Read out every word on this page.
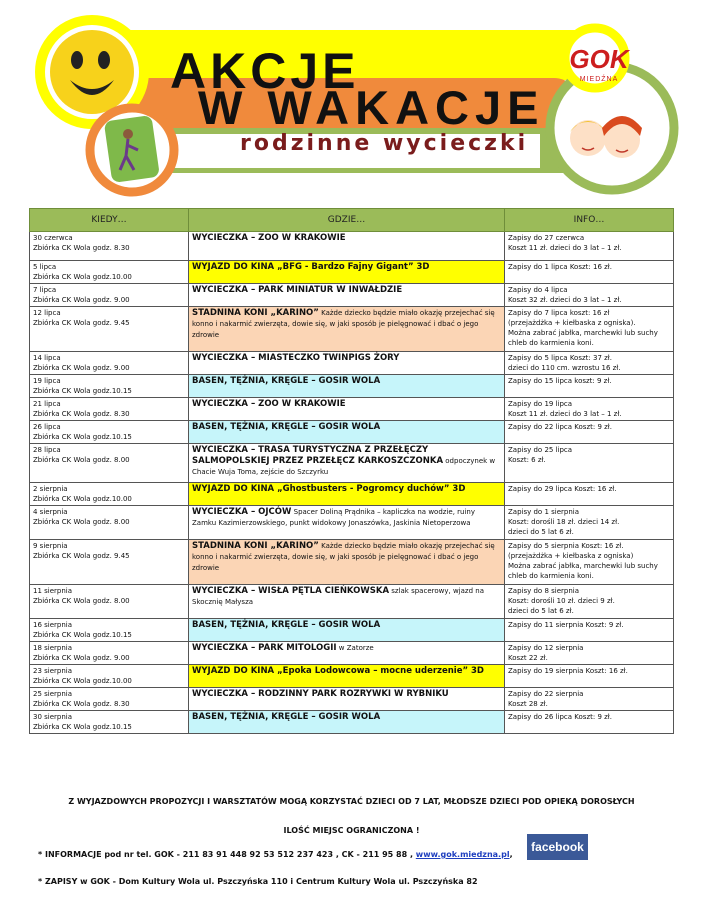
AKCJE
W WAKACJE
rodzinne wycieczki
GOK
MIEDŹNA
KIEDY…	GDZIE…	INFO…

30 czerwca
Zbiórka CK Wola godz. 8.30	WYCIECZKA – ZOO W KRAKOWIE	Zapisy do 27 czerwca
Koszt 11 zł. dzieci do 3 lat – 1 zł.

5 lipca
Zbiórka CK Wola godz.10.00	WYJAZD DO KINA „BFG - Bardzo Fajny Gigant” 3D	Zapisy do 1 lipca Koszt: 16 zł.

7 lipca
Zbiórka CK Wola godz. 9.00	WYCIECZKA – PARK MINIATUR W INWAŁDZIE	Zapisy do 4 lipca
Koszt 32 zł. dzieci do 3 lat – 1 zł.

12 lipca
Zbiórka CK Wola godz. 9.45	STADNINA KONI „KARINO” Każde dziecko będzie miało okazję przejechać się konno i nakarmić zwierzęta, dowie się, w jaki sposób je pielęgnować i dbać o jego zdrowie	Zapisy do 7 lipca koszt: 16 zł
(przejażdżka + kiełbaska z ogniska).
Można zabrać jabłka, marchewki lub suchy chleb do karmienia koni.

14 lipca
Zbiórka CK Wola godz. 9.00	WYCIECZKA – MIASTECZKO TWINPIGS ŻORY	Zapisy do 5 lipca Koszt: 37 zł.
dzieci do 110 cm. wzrostu 16 zł.

19 lipca
Zbiórka CK Wola godz.10.15	BASEN, TĘŻNIA, KRĘGLE – GOSIR WOLA	Zapisy do 15 lipca koszt: 9 zł.

21 lipca
Zbiórka CK Wola godz. 8.30	WYCIECZKA – ZOO W KRAKOWIE	Zapisy do 19 lipca
Koszt 11 zł. dzieci do 3 lat – 1 zł.

26 lipca
Zbiórka CK Wola godz.10.15	BASEN, TĘŻNIA, KRĘGLE – GOSIR WOLA	Zapisy do 22 lipca Koszt: 9 zł.

28 lipca
Zbiórka CK Wola godz. 8.00	WYCIECZKA – TRASA TURYSTYCZNA Z PRZEŁĘCZY SALMOPOLSKIEJ PRZEZ PRZEŁĘCZ KARKOSZCZONKA odpoczynek w Chacie Wuja Toma, zejście do Szczyrku	Zapisy do 25 lipca
Koszt: 6 zł.

2 sierpnia
Zbiórka CK Wola godz.10.00	WYJAZD DO KINA „Ghostbusters - Pogromcy duchów” 3D	Zapisy do 29 lipca Koszt: 16 zł.

4 sierpnia
Zbiórka CK Wola godz. 8.00	WYCIECZKA – OJCÓW Spacer Doliną Prądnika – kapliczka na wodzie, ruiny Zamku Kazimierzowskiego, punkt widokowy Jonaszówka, Jaskinia Nietoperzowa	Zapisy do 1 sierpnia
Koszt: dorośli 18 zł. dzieci 14 zł.
dzieci do 5 lat 6 zł.

9 sierpnia
Zbiórka CK Wola godz. 9.45	STADNINA KONI „KARINO” Każde dziecko będzie miało okazję przejechać się konno i nakarmić zwierzęta, dowie się, w jaki sposób je pielęgnować i dbać o jego zdrowie	Zapisy do 5 sierpnia Koszt: 16 zł.
(przejażdżka + kiełbaska z ogniska)
Można zabrać jabłka, marchewki lub suchy chleb do karmienia koni.

11 sierpnia
Zbiórka CK Wola godz. 8.00	WYCIECZKA – WISŁA PĘTLA CIEŃKOWSKA szlak spacerowy, wjazd na Skocznię Małysza	Zapisy do 8 sierpnia
Koszt: dorośli 10 zł. dzieci 9 zł.
dzieci do 5 lat 6 zł.

16 sierpnia
Zbiórka CK Wola godz.10.15	BASEN, TĘŻNIA, KRĘGLE – GOSIR WOLA	Zapisy do 11 sierpnia Koszt: 9 zł.

18 sierpnia
Zbiórka CK Wola godz. 9.00	WYCIECZKA – PARK MITOLOGII w Zatorze	Zapisy do 12 sierpnia
Koszt 22 zł.

23 sierpnia
Zbiórka CK Wola godz.10.00	WYJAZD DO KINA „Epoka Lodowcowa – mocne uderzenie” 3D	Zapisy do 19 sierpnia Koszt: 16 zł.

25 sierpnia
Zbiórka CK Wola godz. 8.30	WYCIECZKA – RODZINNY PARK ROZRYWKI W RYBNIKU	Zapisy do 22 sierpnia
Koszt 28 zł.

30 sierpnia
Zbiórka CK Wola godz.10.15	BASEN, TĘŻNIA, KRĘGLE – GOSIR WOLA	Zapisy do 26 lipca Koszt: 9 zł.
Z WYJAZDOWYCH PROPOZYCJI I WARSZTATÓW MOGĄ KORZYSTAĆ DZIECI OD 7 LAT, MŁODSZE DZIECI POD OPIEKĄ DOROSŁYCH
ILOŚĆ MIEJSC OGRANICZONA !
* INFORMACJE pod nr tel. GOK - 211 83 91 448 92 53 512 237 423 , CK - 211 95 88 , www.gok.miedzna.pl,
facebook
* ZAPISY w GOK - Dom Kultury Wola ul. Pszczyńska 110 i Centrum Kultury Wola ul. Pszczyńska 82
